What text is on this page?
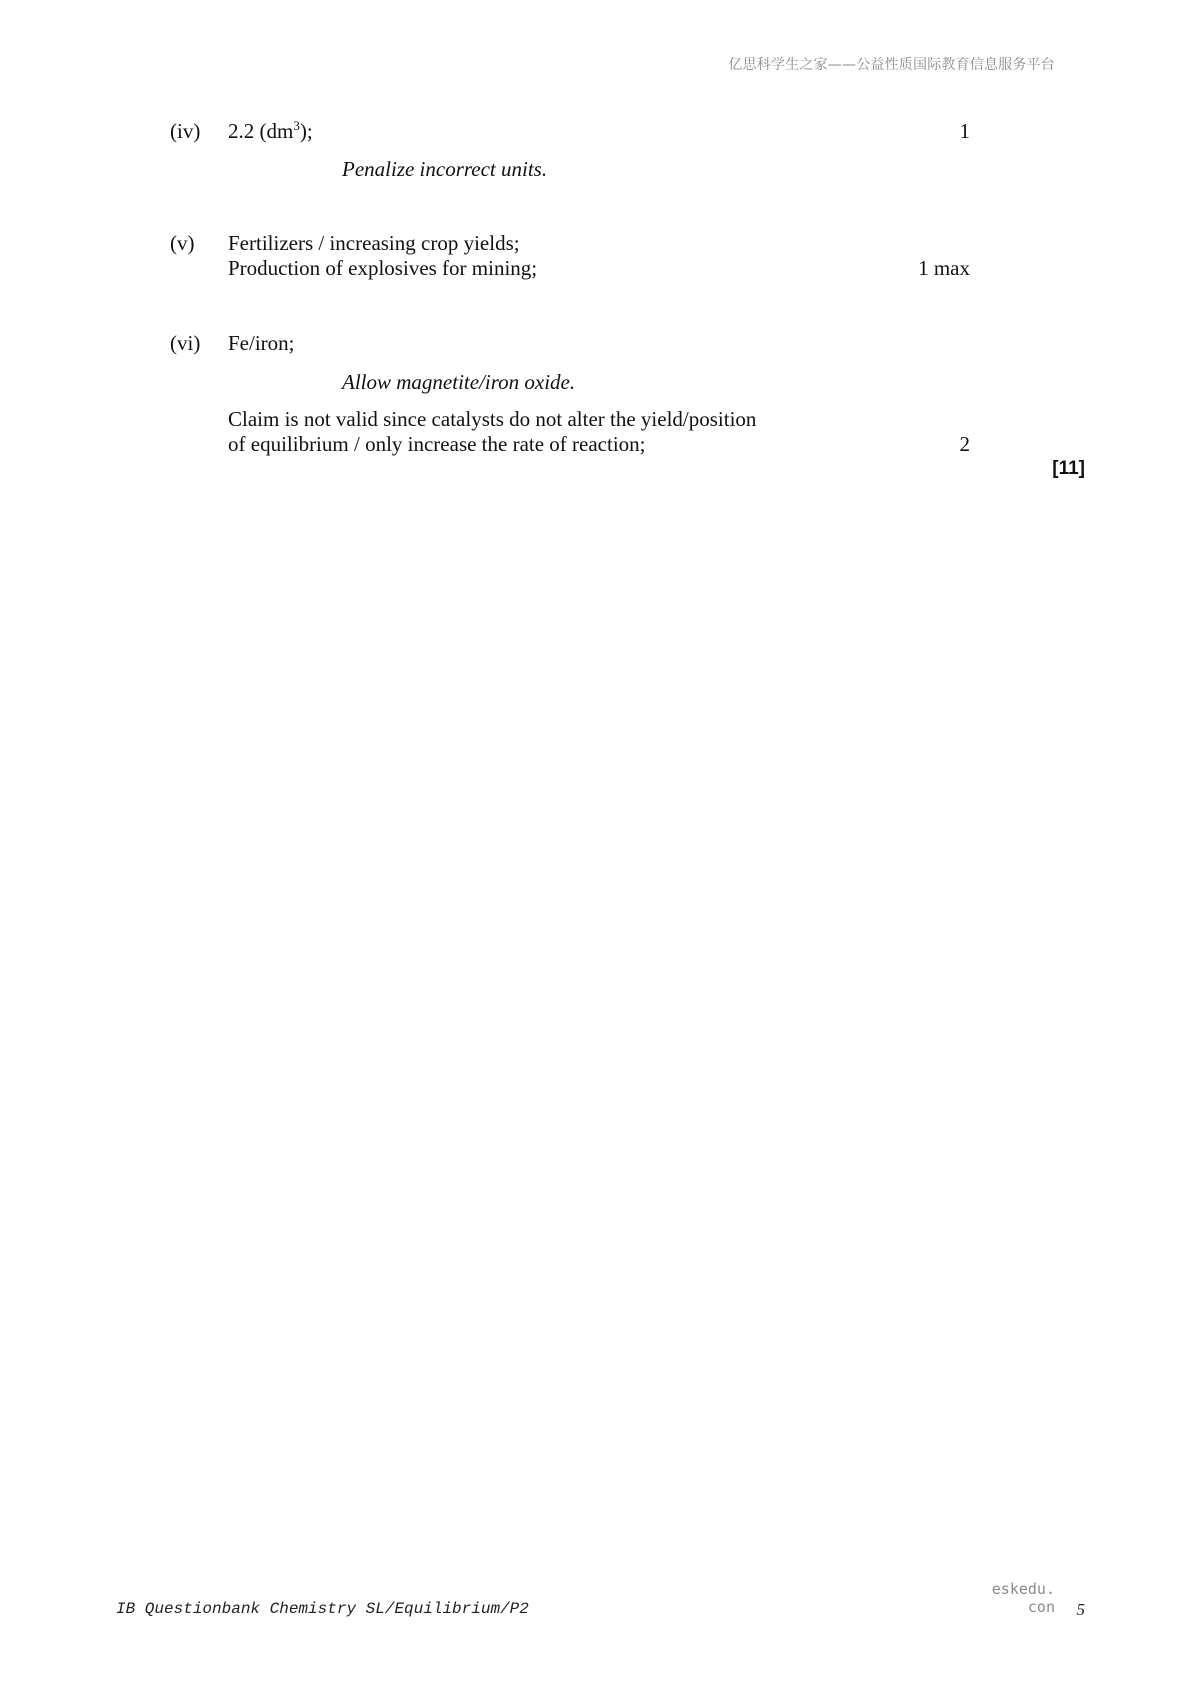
亿思科学生之家——公益性质国际教育信息服务平台
(iv) 2.2 $(dm^3)$;	1
Penalize incorrect units.
(v) Fertilizers / increasing crop yields;
Production of explosives for mining;	1 max
(vi) Fe/iron;
Allow magnetite/iron oxide.
Claim is not valid since catalysts do not alter the yield/position
of equilibrium / only increase the rate of reaction;	2
[11]
eskedu. con
IB Questionbank Chemistry SL/Equilibrium/P2	5
